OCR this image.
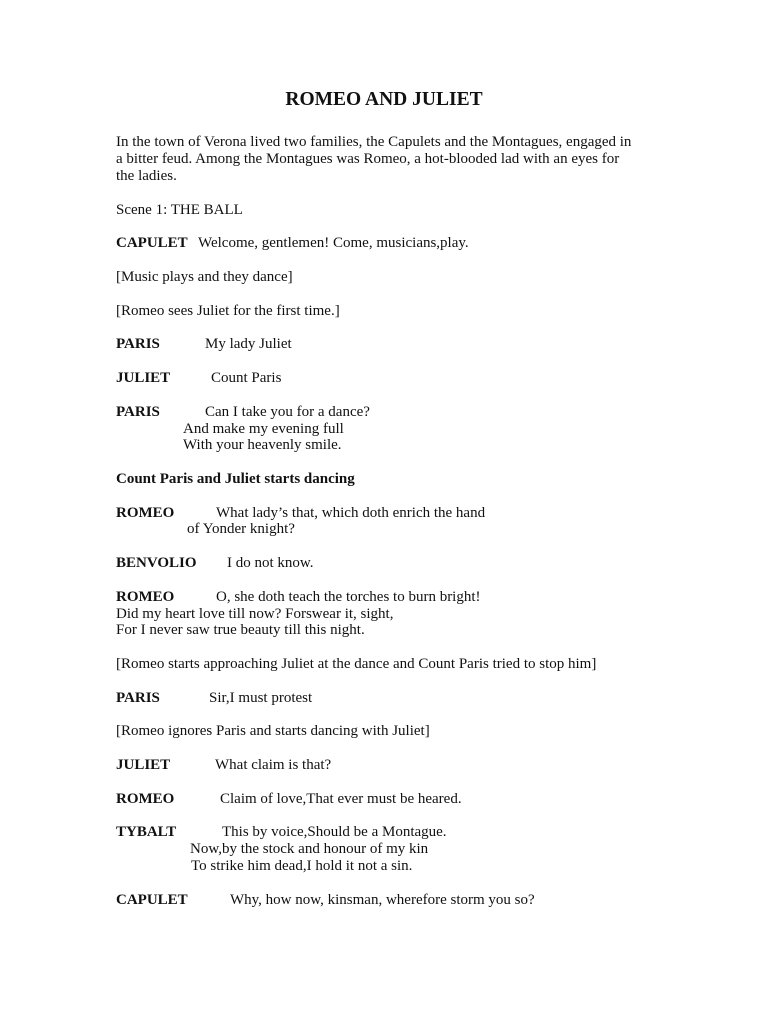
ROMEO AND JULIET
In the town of Verona lived two families, the Capulets and the Montagues, engaged in
a bitter feud. Among the Montagues was Romeo, a hot-blooded lad with an eyes for
the ladies.
Scene 1: THE BALL
CAPULET Welcome, gentlemen! Come, musicians,play.
[Music plays and they dance]
[Romeo sees Juliet for the first time.]
PARIS	My lady Juliet
JULIET	Count Paris
PARIS	Can I take you for a dance?
And make my evening full
With your heavenly smile.
Count Paris and Juliet starts dancing
ROMEO	What lady’s that, which doth enrich the hand
of Yonder knight?
BENVOLIO I do not know.
ROMEO	O, she doth teach the torches to burn bright!
Did my heart love till now? Forswear it, sight,
For I never saw true beauty till this night.
[Romeo starts approaching Juliet at the dance and Count Paris tried to stop him]
PARIS	Sir,I must protest
[Romeo ignores Paris and starts dancing with Juliet]
JULIET	What claim is that?
ROMEO	Claim of love,That ever must be heared.
TYBALT	This by voice,Should be a Montague.
Now,by the stock and honour of my kin
To strike him dead,I hold it not a sin.
CAPULET	Why, how now, kinsman, wherefore storm you so?
